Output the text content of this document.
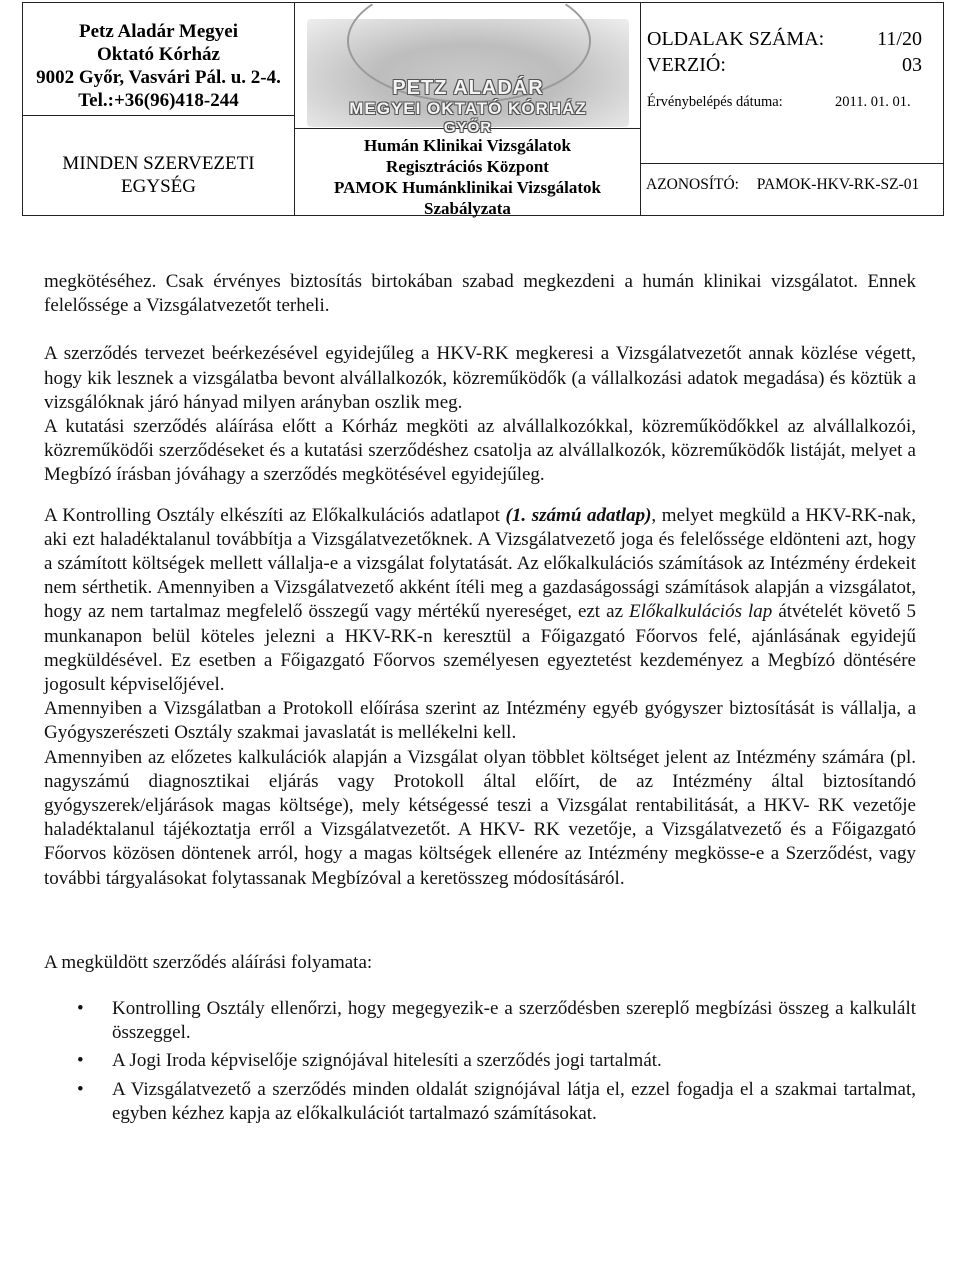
Petz Aladár Megyei
Oktató Kórház
9002 Győr, Vasvári Pál. u. 2-4.
Tel.:+36(96)418-244
MINDEN SZERVEZETI
EGYSÉG
PETZ ALADÁR
MEGYEI OKTATÓ KÓRHÁZ
GYŐR
Humán Klinikai Vizsgálatok
Regisztrációs Központ
PAMOK Humánklinikai Vizsgálatok
Szabályzata
OLDALAK SZÁMA:	11/20
VERZIÓ:	03
Érvénybelépés dátuma:	2011. 01. 01.
AZONOSÍTÓ: PAMOK-HKV-RK-SZ-01

megkötéséhez. Csak érvényes biztosítás birtokában szabad megkezdeni a humán klinikai vizsgálatot. Ennek felelőssége a Vizsgálatvezetőt terheli.

A szerződés tervezet beérkezésével egyidejűleg a HKV-RK megkeresi a Vizsgálatvezetőt annak közlése végett, hogy kik lesznek a vizsgálatba bevont alvállalkozók, közreműködők (a vállalkozási adatok megadása) és köztük a vizsgálóknak járó hányad milyen arányban oszlik meg.

A kutatási szerződés aláírása előtt a Kórház megköti az alvállalkozókkal, közreműködőkkel az alvállalkozói, közreműködői szerződéseket és a kutatási szerződéshez csatolja az alvállalkozók, közreműködők listáját, melyet a Megbízó írásban jóváhagy a szerződés megkötésével egyidejűleg.

A Kontrolling Osztály elkészíti az Előkalkulációs adatlapot (1. számú adatlap), melyet megküld a HKV-RK-nak, aki ezt haladéktalanul továbbítja a Vizsgálatvezetőknek. A Vizsgálatvezető joga és felelőssége eldönteni azt, hogy a számított költségek mellett vállalja-e a vizsgálat folytatását. Az előkalkulációs számítások az Intézmény érdekeit nem sérthetik. Amennyiben a Vizsgálatvezető akként ítéli meg a gazdaságossági számítások alapján a vizsgálatot, hogy az nem tartalmaz megfelelő összegű vagy mértékű nyereséget, ezt az Előkalkulációs lap átvételét követő 5 munkanapon belül köteles jelezni a HKV-RK-n keresztül a Főigazgató Főorvos felé, ajánlásának egyidejű megküldésével. Ez esetben a Főigazgató Főorvos személyesen egyeztetést kezdeményez a Megbízó döntésére jogosult képviselőjével.

Amennyiben a Vizsgálatban a Protokoll előírása szerint az Intézmény egyéb gyógyszer biztosítását is vállalja, a Gyógyszerészeti Osztály szakmai javaslatát is mellékelni kell.

Amennyiben az előzetes kalkulációk alapján a Vizsgálat olyan többlet költséget jelent az Intézmény számára (pl. nagyszámú diagnosztikai eljárás vagy Protokoll által előírt, de az Intézmény által biztosítandó gyógyszerek/eljárások magas költsége), mely kétségessé teszi a Vizsgálat rentabilitását, a HKV- RK vezetője haladéktalanul tájékoztatja erről a Vizsgálatvezetőt. A HKV- RK vezetője, a Vizsgálatvezető és a Főigazgató Főorvos közösen döntenek arról, hogy a magas költségek ellenére az Intézmény megkösse-e a Szerződést, vagy további tárgyalásokat folytassanak Megbízóval a keretösszeg módosításáról.

A megküldött szerződés aláírási folyamata:

• Kontrolling Osztály ellenőrzi, hogy megegyezik-e a szerződésben szereplő megbízási összeg a kalkulált összeggel.
• A Jogi Iroda képviselője szignójával hitelesíti a szerződés jogi tartalmát.
• A Vizsgálatvezető a szerződés minden oldalát szignójával látja el, ezzel fogadja el a szakmai tartalmat, egyben kézhez kapja az előkalkulációt tartalmazó számításokat.
